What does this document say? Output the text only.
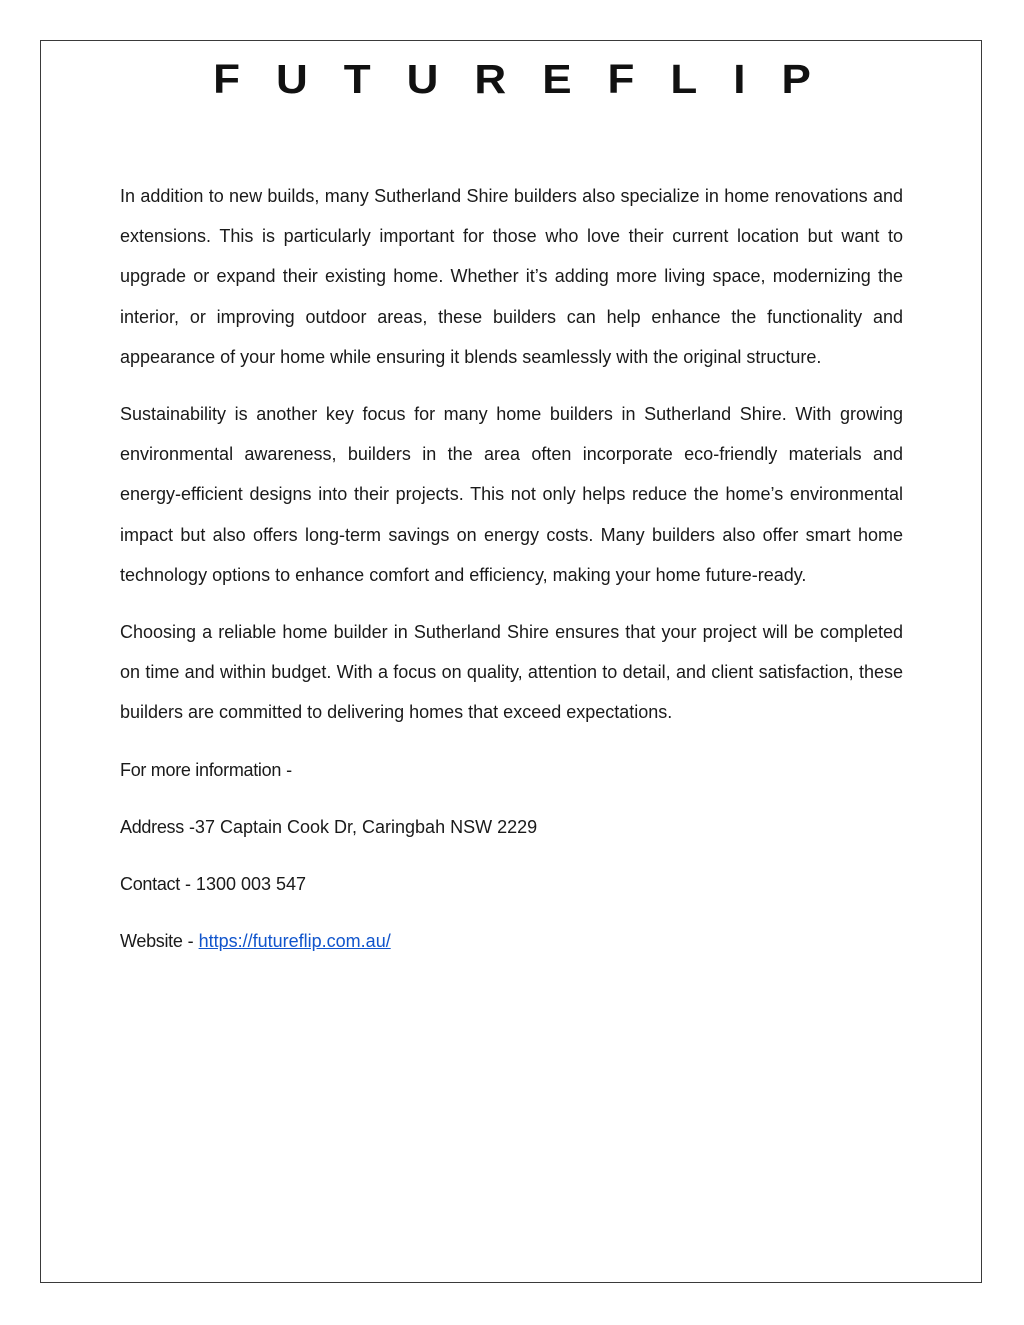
FUTUREFLIP

In addition to new builds, many Sutherland Shire builders also specialize in home renovations and extensions. This is particularly important for those who love their current location but want to upgrade or expand their existing home. Whether it’s adding more living space, modernizing the interior, or improving outdoor areas, these builders can help enhance the functionality and appearance of your home while ensuring it blends seamlessly with the original structure.

Sustainability is another key focus for many home builders in Sutherland Shire. With growing environmental awareness, builders in the area often incorporate eco-friendly materials and energy-efficient designs into their projects. This not only helps reduce the home’s environmental impact but also offers long-term savings on energy costs. Many builders also offer smart home technology options to enhance comfort and efficiency, making your home future-ready.

Choosing a reliable home builder in Sutherland Shire ensures that your project will be completed on time and within budget. With a focus on quality, attention to detail, and client satisfaction, these builders are committed to delivering homes that exceed expectations.

For more information -
Address -37 Captain Cook Dr, Caringbah NSW 2229
Contact - 1300 003 547
Website - https://futureflip.com.au/
